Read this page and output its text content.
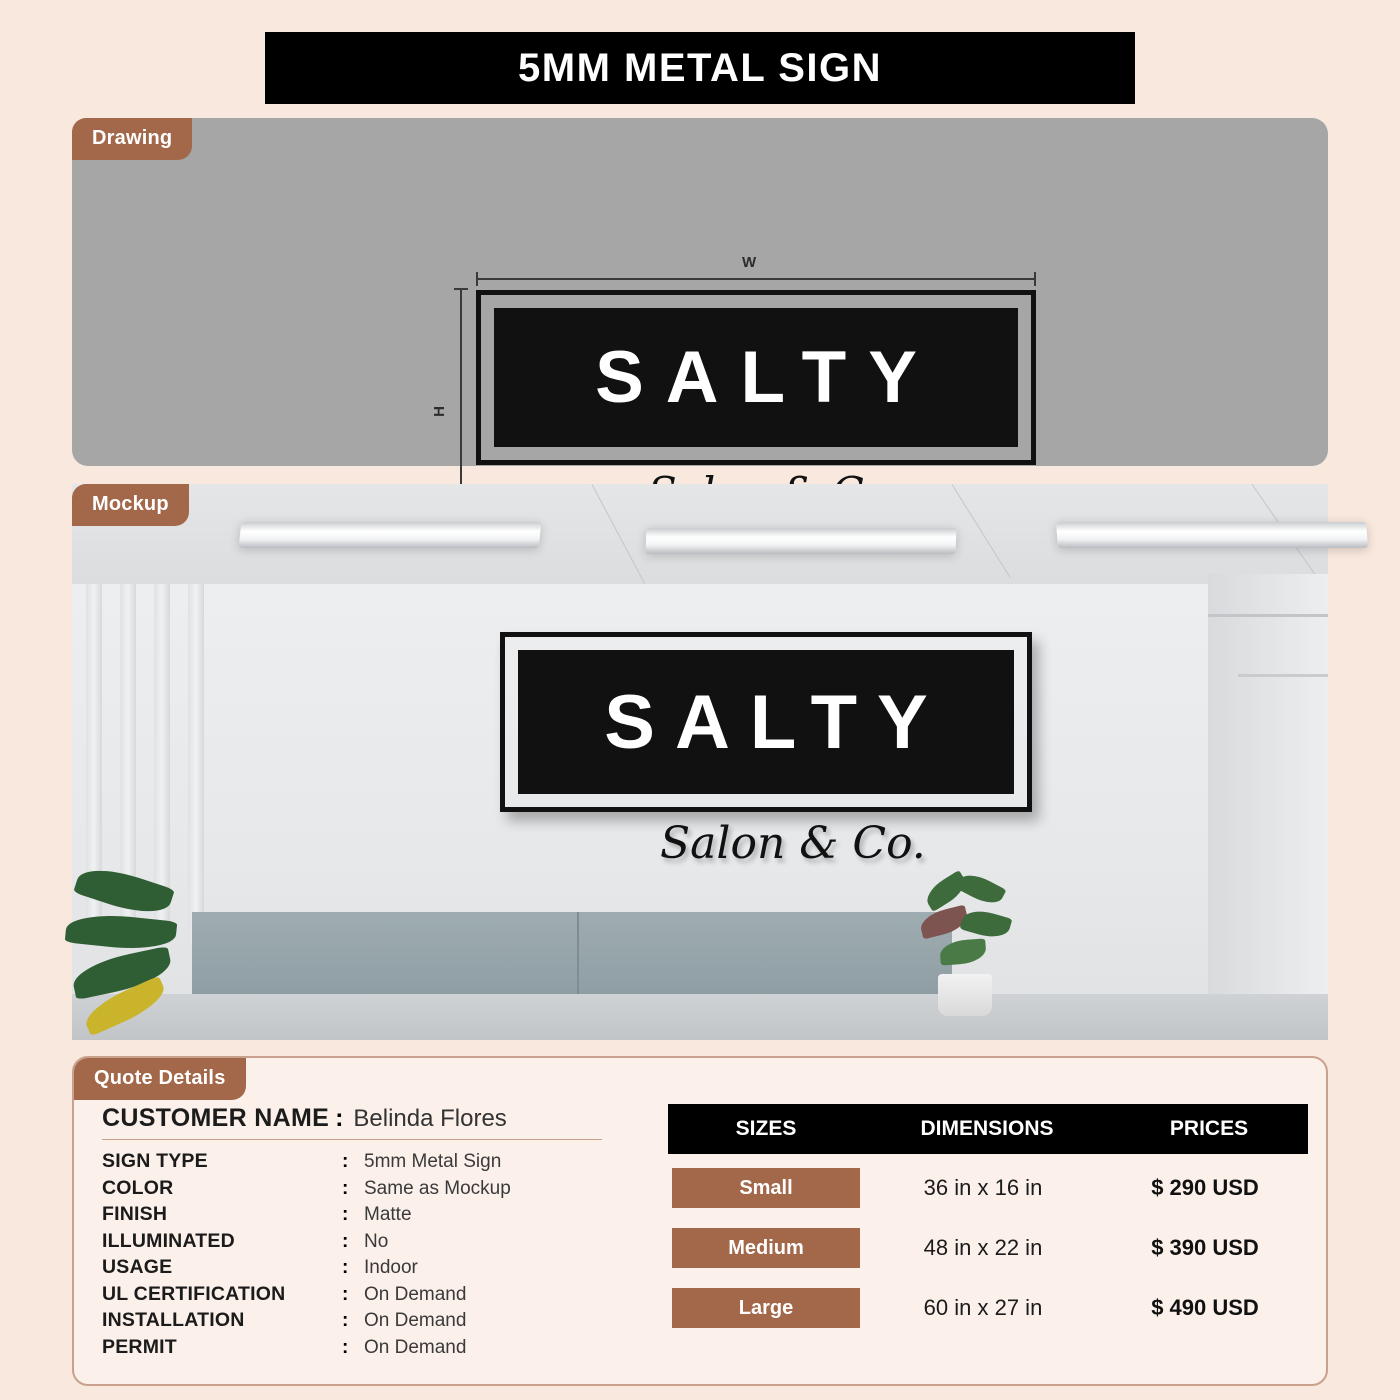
5MM METAL SIGN
Drawing
W
H	SALTY
Mockup
SALTY
Salon & Co.
Quote Details
CUSTOMER NAME : Belinda Flores
SIGN TYPE	: 5mm Metal Sign
COLOR	: Same as Mockup
FINISH	: Matte
ILLUMINATED	: No
USAGE	: Indoor
UL CERTIFICATION	: On Demand
INSTALLATION	: On Demand
PERMIT	: On Demand
SIZES	DIMENSIONS	PRICES
Small	36 in x 16 in	$ 290 USD
Medium	48 in x 22 in	$ 390 USD
Large	60 in x 27 in	$ 490 USD
